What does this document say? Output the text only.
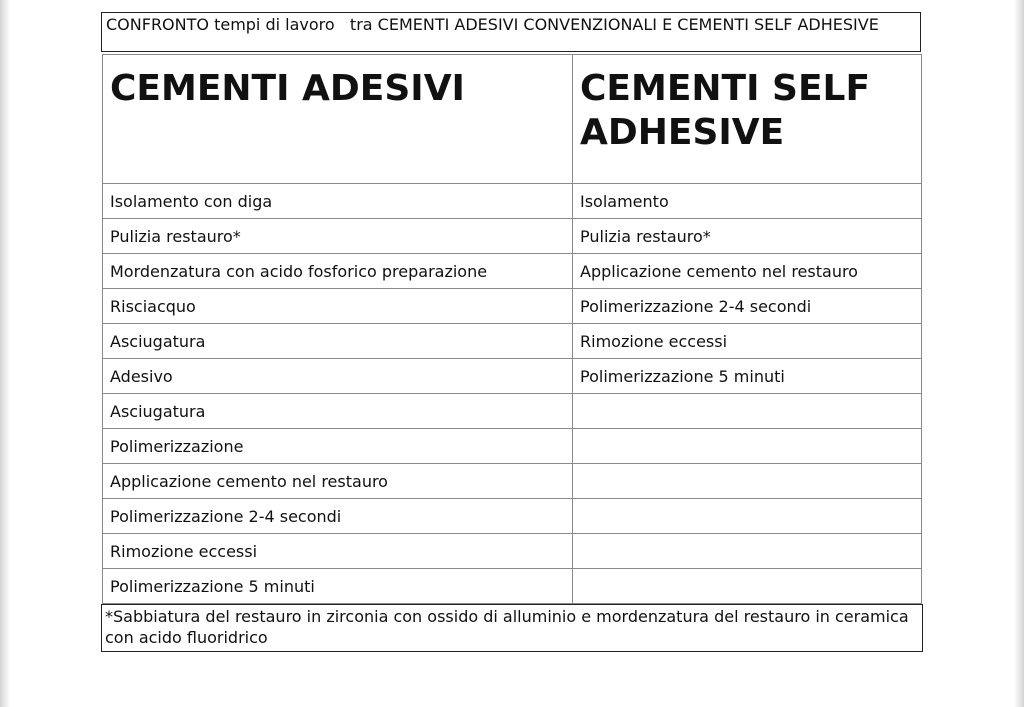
CONFRONTO tempi di lavoro   tra CEMENTI ADESIVI CONVENZIONALI E CEMENTI SELF ADHESIVE
CEMENTI ADESIVI	CEMENTI SELF ADHESIVE
Isolamento con diga	Isolamento
Pulizia restauro*	Pulizia restauro*
Mordenzatura con acido fosforico preparazione	Applicazione cemento nel restauro
Risciacquo	Polimerizzazione 2-4 secondi
Asciugatura	Rimozione eccessi
Adesivo	Polimerizzazione 5 minuti
Asciugatura	
Polimerizzazione	
Applicazione cemento nel restauro	
Polimerizzazione 2-4 secondi	
Rimozione eccessi	
Polimerizzazione 5 minuti	
*Sabbiatura del restauro in zirconia con ossido di alluminio e mordenzatura del restauro in ceramica con acido fluoridrico
